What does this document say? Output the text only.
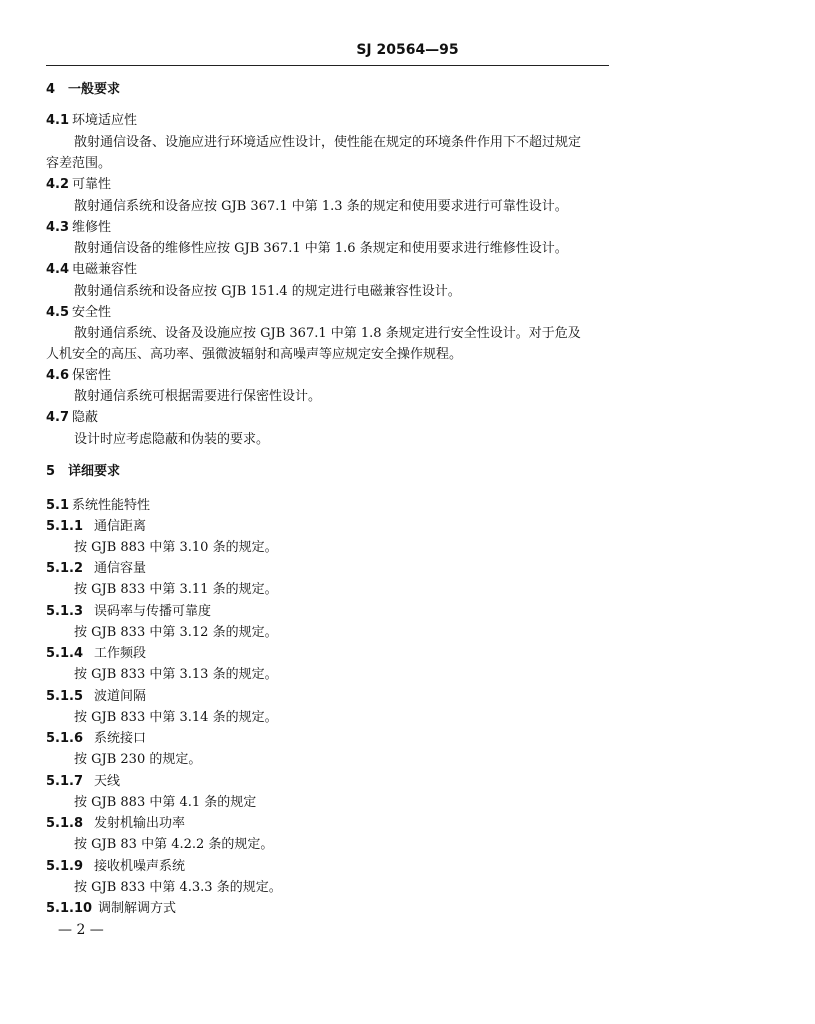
SJ 20564—95
4 一般要求
4.1 环境适应性
散射通信设备、设施应进行环境适应性设计，使性能在规定的环境条件作用下不超过规定
容差范围。
4.2 可靠性
散射通信系统和设备应按 GJB 367.1 中第 1.3 条的规定和使用要求进行可靠性设计。
4.3 维修性
散射通信设备的维修性应按 GJB 367.1 中第 1.6 条规定和使用要求进行维修性设计。
4.4 电磁兼容性
散射通信系统和设备应按 GJB 151.4 的规定进行电磁兼容性设计。
4.5 安全性
散射通信系统、设备及设施应按 GJB 367.1 中第 1.8 条规定进行安全性设计。对于危及
人机安全的高压、高功率、强微波辐射和高噪声等应规定安全操作规程。
4.6 保密性
散射通信系统可根据需要进行保密性设计。
4.7 隐蔽
设计时应考虑隐蔽和伪装的要求。
5 详细要求
5.1 系统性能特性
5.1.1 通信距离
按 GJB 883 中第 3.10 条的规定。
5.1.2 通信容量
按 GJB 833 中第 3.11 条的规定。
5.1.3 误码率与传播可靠度
按 GJB 833 中第 3.12 条的规定。
5.1.4 工作频段
按 GJB 833 中第 3.13 条的规定。
5.1.5 波道间隔
按 GJB 833 中第 3.14 条的规定。
5.1.6 系统接口
按 GJB 230 的规定。
5.1.7 天线
按 GJB 883 中第 4.1 条的规定
5.1.8 发射机输出功率
按 GJB 83 中第 4.2.2 条的规定。
5.1.9 接收机噪声系统
按 GJB 833 中第 4.3.3 条的规定。
5.1.10 调制解调方式
— 2 —
